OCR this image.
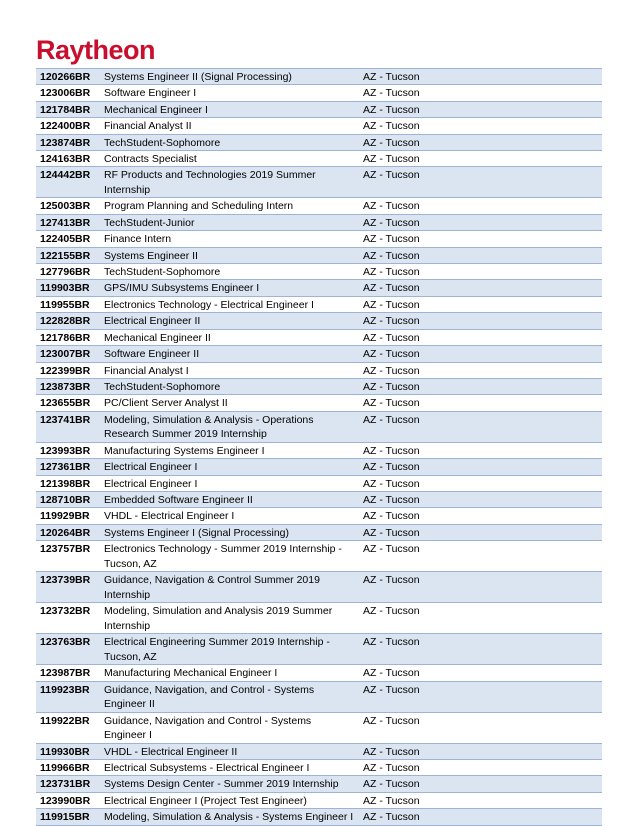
Raytheon
120266BR	Systems Engineer II (Signal Processing)	AZ - Tucson
123006BR	Software Engineer I	AZ - Tucson
121784BR	Mechanical Engineer I	AZ - Tucson
122400BR	Financial Analyst II	AZ - Tucson
123874BR	TechStudent-Sophomore	AZ - Tucson
124163BR	Contracts Specialist	AZ - Tucson
124442BR	RF Products and Technologies 2019 Summer Internship	AZ - Tucson
125003BR	Program Planning and Scheduling Intern	AZ - Tucson
127413BR	TechStudent-Junior	AZ - Tucson
122405BR	Finance Intern	AZ - Tucson
122155BR	Systems Engineer II	AZ - Tucson
127796BR	TechStudent-Sophomore	AZ - Tucson
119903BR	GPS/IMU Subsystems Engineer I	AZ - Tucson
119955BR	Electronics Technology - Electrical Engineer I	AZ - Tucson
122828BR	Electrical Engineer II	AZ - Tucson
121786BR	Mechanical Engineer II	AZ - Tucson
123007BR	Software Engineer II	AZ - Tucson
122399BR	Financial Analyst I	AZ - Tucson
123873BR	TechStudent-Sophomore	AZ - Tucson
123655BR	PC/Client Server Analyst II	AZ - Tucson
123741BR	Modeling, Simulation & Analysis - Operations Research Summer 2019 Internship	AZ - Tucson
123993BR	Manufacturing Systems Engineer I	AZ - Tucson
127361BR	Electrical Engineer I	AZ - Tucson
121398BR	Electrical Engineer I	AZ - Tucson
128710BR	Embedded Software Engineer II	AZ - Tucson
119929BR	VHDL - Electrical Engineer I	AZ - Tucson
120264BR	Systems Engineer I (Signal Processing)	AZ - Tucson
123757BR	Electronics Technology - Summer 2019 Internship - Tucson, AZ	AZ - Tucson
123739BR	Guidance, Navigation & Control Summer 2019 Internship	AZ - Tucson
123732BR	Modeling, Simulation and Analysis 2019 Summer Internship	AZ - Tucson
123763BR	Electrical Engineering Summer 2019 Internship - Tucson, AZ	AZ - Tucson
123987BR	Manufacturing Mechanical Engineer I	AZ - Tucson
119923BR	Guidance, Navigation, and Control - Systems Engineer II	AZ - Tucson
119922BR	Guidance, Navigation and Control - Systems Engineer I	AZ - Tucson
119930BR	VHDL - Electrical Engineer II	AZ - Tucson
119966BR	Electrical Subsystems - Electrical Engineer I	AZ - Tucson
123731BR	Systems Design Center - Summer 2019 Internship	AZ - Tucson
123990BR	Electrical Engineer I (Project Test Engineer)	AZ - Tucson
119915BR	Modeling, Simulation & Analysis - Systems Engineer I	AZ - Tucson
